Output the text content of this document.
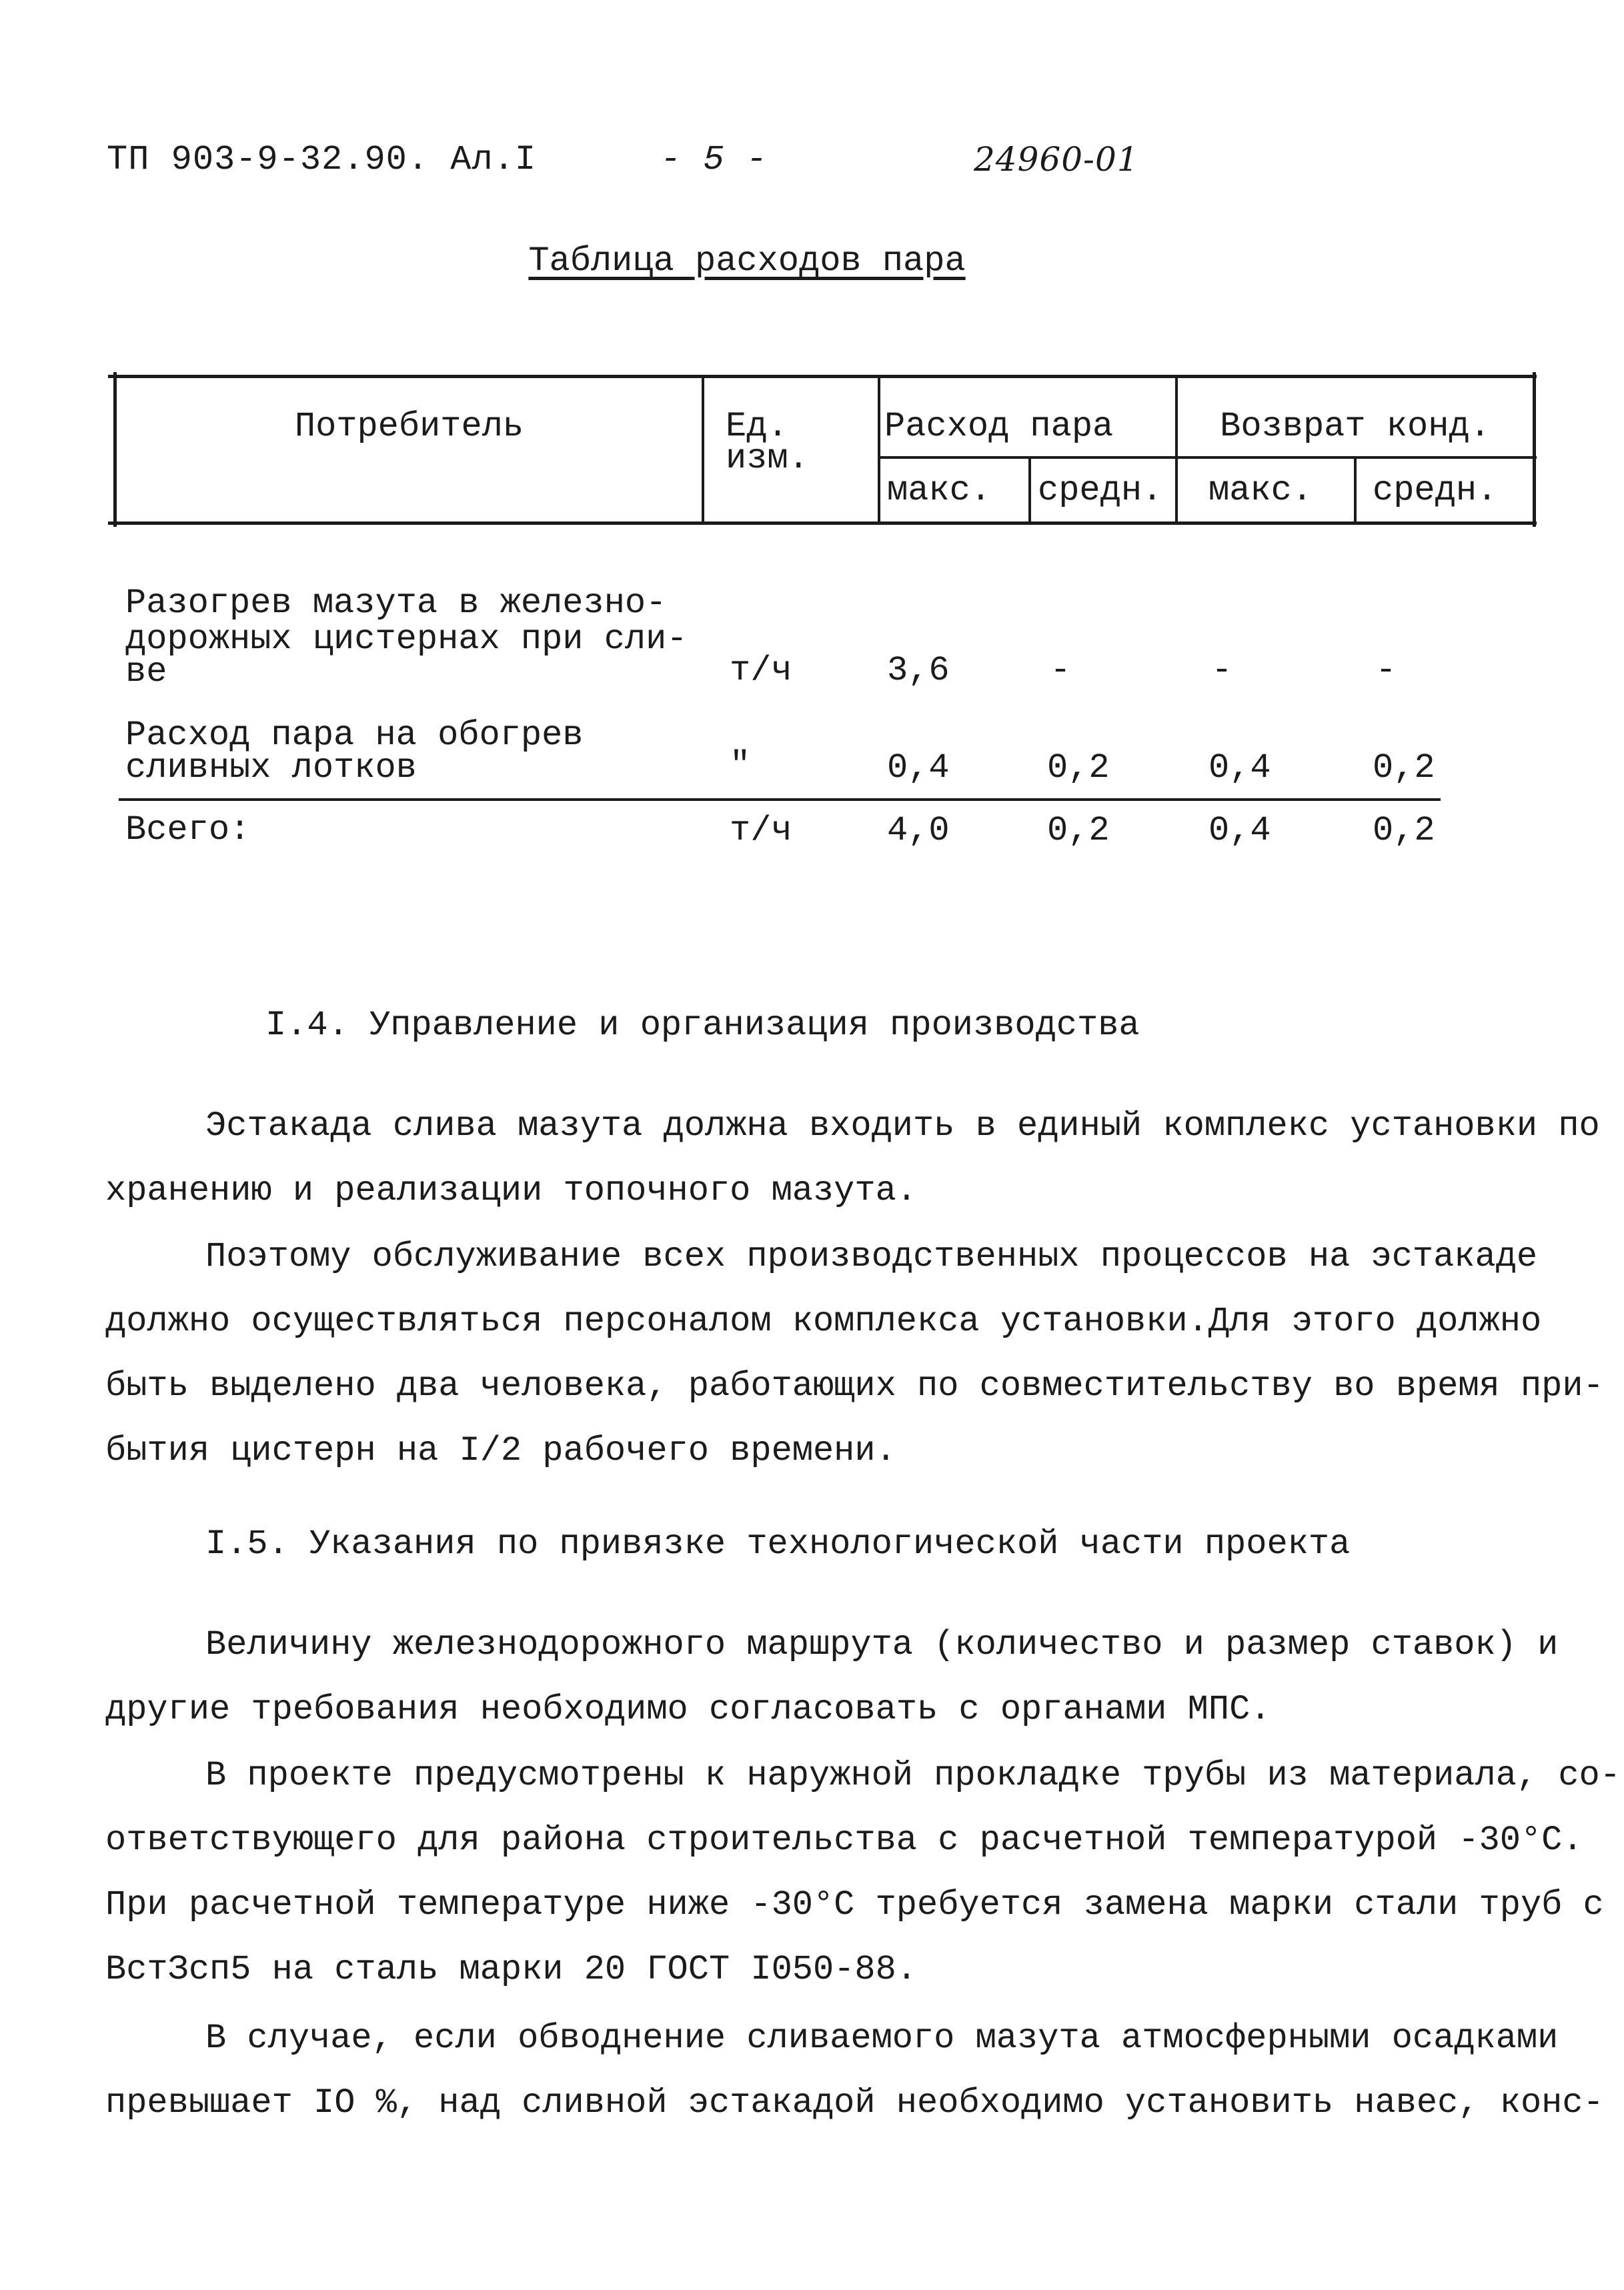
ТП 903-9-32.90. Ал.I	- 5 -	24960-01
Таблица расходов пара
Потребитель	Ед.
изм.
Расход пара	Возврат конд.
макс. средн. макс. средн.
Разогрев мазута в железно-
дорожных цистернах при сли-
ве	т/ч	3,6	-	-	-
Расход пара на обогрев
сливных лотков	"	0,4	0,2	0,4	0,2
Всего:	т/ч	4,0	0,2	0,4	0,2
I.4. Управление и организация производства
Эстакада слива мазута должна входить в единый комплекс установки по
хранению и реализации топочного мазута.
Поэтому обслуживание всех производственных процессов на эстакаде
должно осуществляться персоналом комплекса установки.Для этого должно
быть выделено два человека, работающих по совместительству во время при-
бытия цистерн на I/2 рабочего времени.
I.5. Указания по привязке технологической части проекта
Величину железнодорожного маршрута (количество и размер ставок) и
другие требования необходимо согласовать с органами МПС.
В проекте предусмотрены к наружной прокладке трубы из материала, со-
ответствующего для района строительства с расчетной температурой -30°С.
При расчетной температуре ниже -30°С требуется замена марки стали труб с
ВстЗсп5 на сталь марки 20 ГОСТ I050-88.
В случае, если обводнение сливаемого мазута атмосферными осадками
превышает IO %, над сливной эстакадой необходимо установить навес, конс-
